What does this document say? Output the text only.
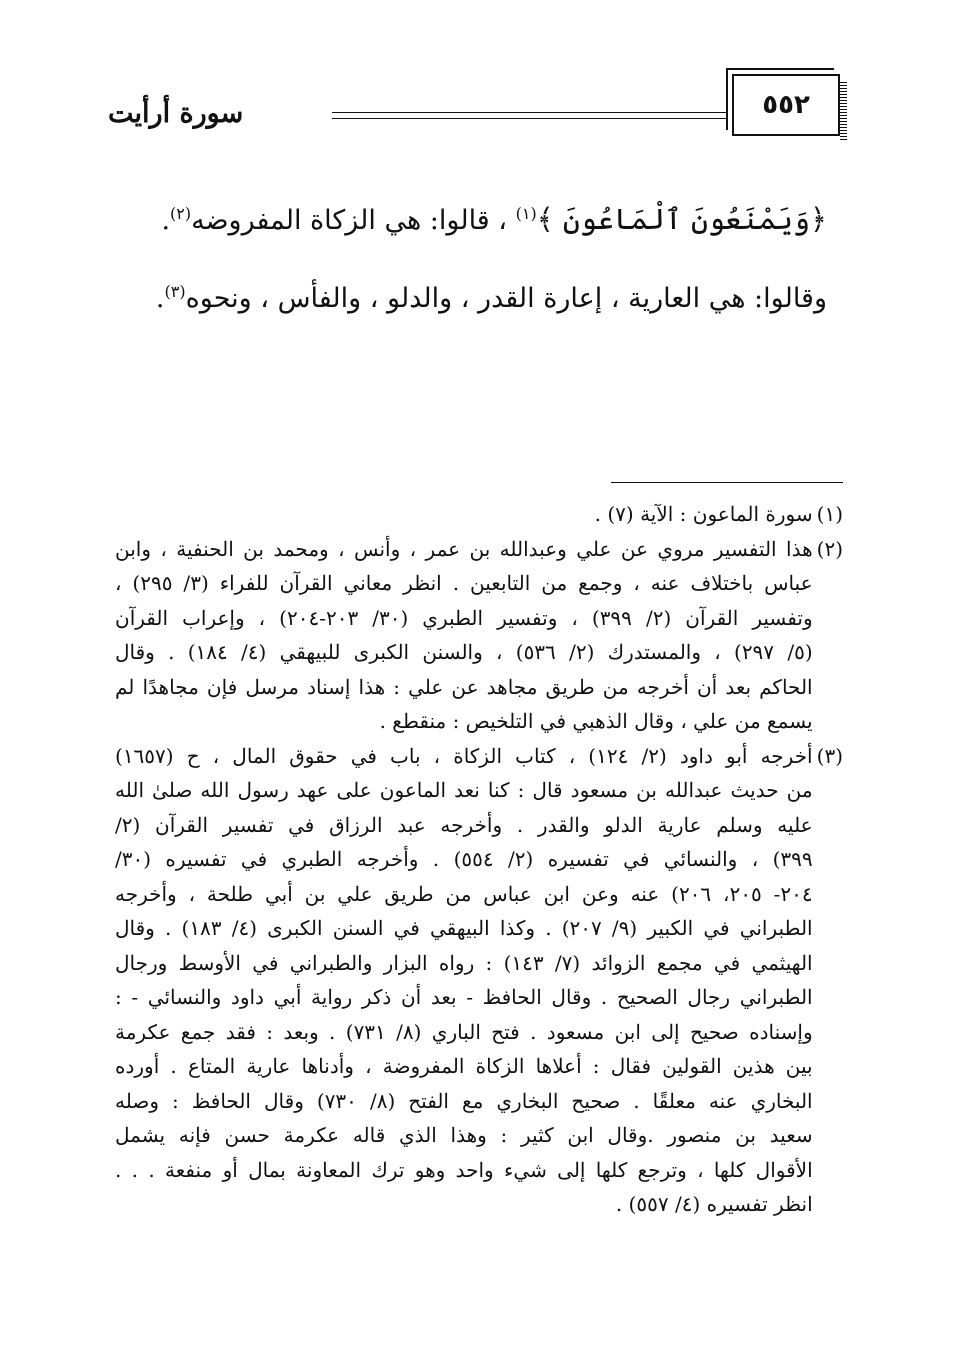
٥٥٢
سورة أرأيت

﴿وَيَمْنَعُونَ ٱلْمَاعُونَ ﴾$^{(١)}$ ، قالوا: هي الزكاة المفروضه$^{(٢)}$.

وقالوا: هي العارية ، إعارة القدر ، والدلو ، والفأس ، ونحوه$^{(٣)}$.

(١)
سورة الماعون : الآية (٧) .
(٢)
هذا التفسير مروي عن علي وعبدالله بن عمر ، وأنس ، ومحمد بن الحنفية ، وابن
عباس باختلاف عنه ، وجمع من التابعين . انظر معاني القرآن للفراء (٣/ ٢٩٥) ،
وتفسير القرآن (٢/ ٣٩٩) ، وتفسير الطبري (٣٠/ ٢٠٣-٢٠٤) ، وإعراب القرآن
(٥/ ٢٩٧) ، والمستدرك (٢/ ٥٣٦) ، والسنن الكبرى للبيهقي (٤/ ١٨٤) . وقال
الحاكم بعد أن أخرجه من طريق مجاهد عن علي : هذا إسناد مرسل فإن مجاهدًا لم
يسمع من علي ، وقال الذهبي في التلخيص : منقطع .
(٣)
أخرجه أبو داود (٢/ ١٢٤) ، كتاب الزكاة ، باب في حقوق المال ، ح (١٦٥٧)
من حديث عبدالله بن مسعود قال : كنا نعد الماعون على عهد رسول الله صلىٰ الله
عليه وسلم عارية الدلو والقدر . وأخرجه عبد الرزاق في تفسير القرآن (٢/
٣٩٩) ، والنسائي في تفسيره (٢/ ٥٥٤) . وأخرجه الطبري في تفسيره (٣٠/
٢٠٤- ٢٠٥، ٢٠٦) عنه وعن ابن عباس من طريق علي بن أبي طلحة ، وأخرجه
الطبراني في الكبير (٩/ ٢٠٧) . وكذا البيهقي في السنن الكبرى (٤/ ١٨٣) . وقال
الهيثمي في مجمع الزوائد (٧/ ١٤٣) : رواه البزار والطبراني في الأوسط ورجال
الطبراني رجال الصحيح . وقال الحافظ - بعد أن ذكر رواية أبي داود والنسائي - :
وإسناده صحيح إلى ابن مسعود . فتح الباري (٨/ ٧٣١) . وبعد : فقد جمع عكرمة
بين هذين القولين فقال : أعلاها الزكاة المفروضة ، وأدناها عارية المتاع . أورده
البخاري عنه معلقًا . صحيح البخاري مع الفتح (٨/ ٧٣٠) وقال الحافظ : وصله
سعيد بن منصور .وقال ابن كثير : وهذا الذي قاله عكرمة حسن فإنه يشمل
الأقوال كلها ، وترجع كلها إلى شيء واحد وهو ترك المعاونة بمال أو منفعة . . .
انظر تفسيره (٤/ ٥٥٧) .
